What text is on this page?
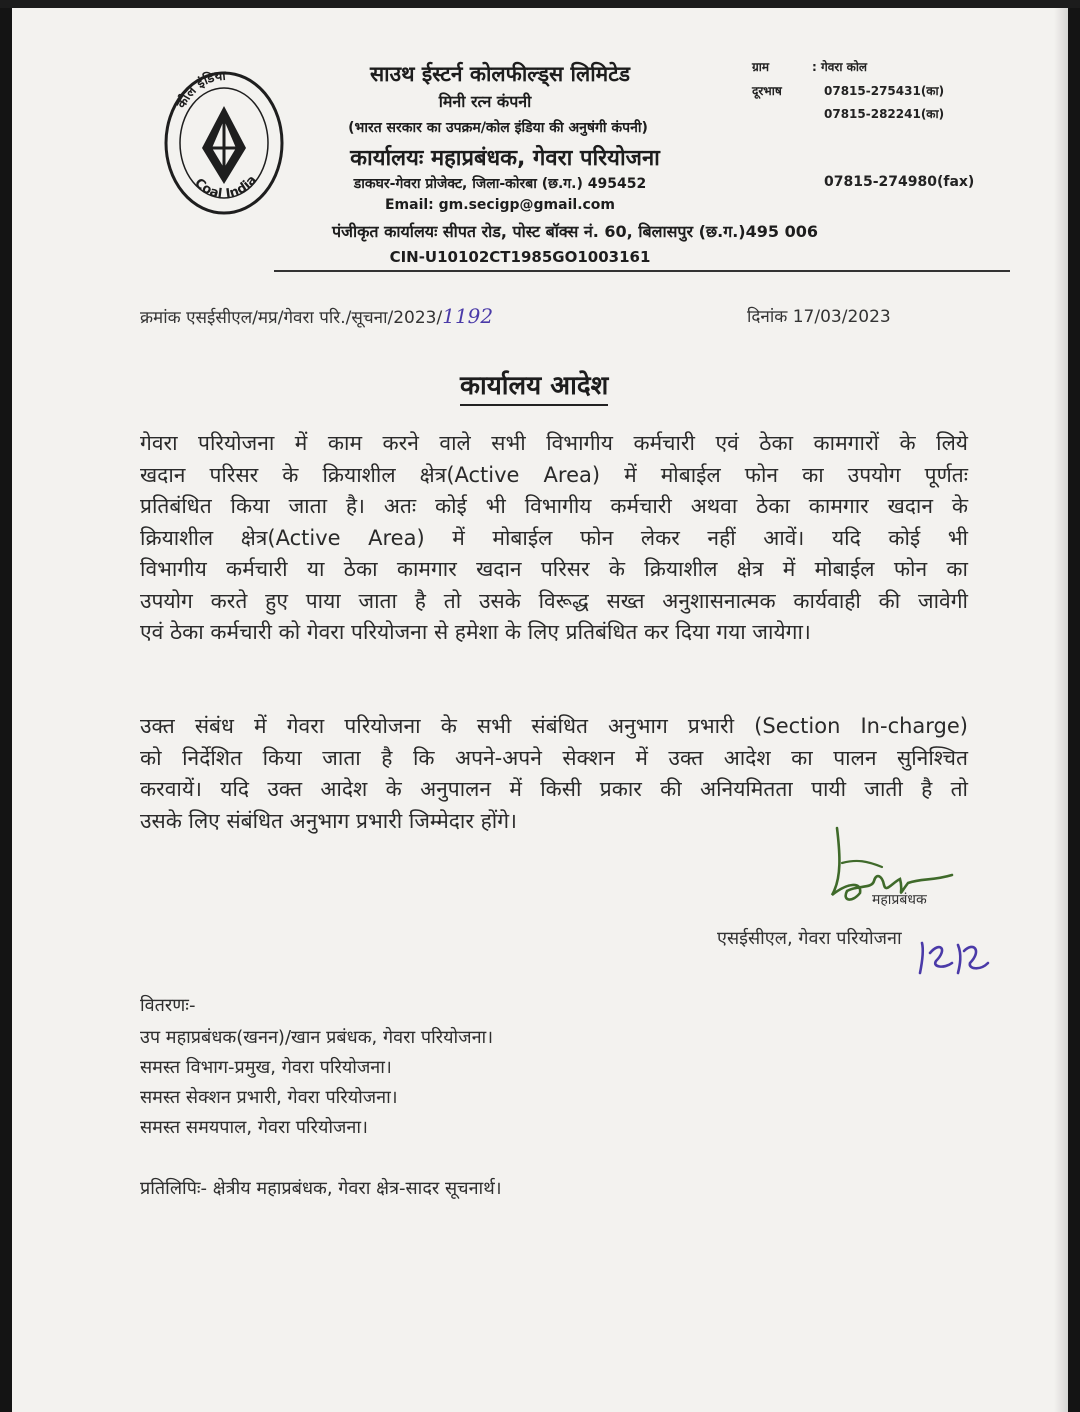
कोल इंडिया
Coal India
साउथ ईस्टर्न कोलफील्ड्स लिमिटेड
मिनी रत्न कंपनी
(भारत सरकार का उपक्रम/कोल इंडिया की अनुषंगी कंपनी)
कार्यालयः महाप्रबंधक, गेवरा परियोजना
डाकघर-गेवरा प्रोजेक्ट, जिला-कोरबा (छ.ग.) 495452
Email: gm.secigp@gmail.com
पंजीकृत कार्यालयः सीपत रोड, पोस्ट बॉक्स नं. 60, बिलासपुर (छ.ग.)495 006
CIN-U10102CT1985GO1003161
ग्राम	: गेवरा कोल
दूरभाष	07815-275431(का)
07815-282241(का)
07815-274980(fax)
क्रमांक एसईसीएल/मप्र/गेवरा परि./सूचना/2023/1192	दिनांक 17/03/2023
कार्यालय आदेश
गेवरा परियोजना में काम करने वाले सभी विभागीय कर्मचारी एवं ठेका कामगारों के लिये
खदान परिसर के क्रियाशील क्षेत्र(Active Area) में मोबाईल फोन का उपयोग पूर्णतः
प्रतिबंधित किया जाता है। अतः कोई भी विभागीय कर्मचारी अथवा ठेका कामगार खदान के
क्रियाशील क्षेत्र(Active Area) में मोबाईल फोन लेकर नहीं आवें। यदि कोई भी
विभागीय कर्मचारी या ठेका कामगार खदान परिसर के क्रियाशील क्षेत्र में मोबाईल फोन का
उपयोग करते हुए पाया जाता है तो उसके विरूद्ध सख्त अनुशासनात्मक कार्यवाही की जावेगी
एवं ठेका कर्मचारी को गेवरा परियोजना से हमेशा के लिए प्रतिबंधित कर दिया गया जायेगा।
उक्त संबंध में गेवरा परियोजना के सभी संबंधित अनुभाग प्रभारी (Section In-charge)
को निर्देशित किया जाता है कि अपने-अपने सेक्शन में उक्त आदेश का पालन सुनिश्चित
करवायें। यदि उक्त आदेश के अनुपालन में किसी प्रकार की अनियमितता पायी जाती है तो
उसके लिए संबंधित अनुभाग प्रभारी जिम्मेदार होंगे।
महाप्रबंधक
एसईसीएल, गेवरा परियोजना
वितरणः-
उप महाप्रबंधक(खनन)/खान प्रबंधक, गेवरा परियोजना।
समस्त विभाग-प्रमुख, गेवरा परियोजना।
समस्त सेक्शन प्रभारी, गेवरा परियोजना।
समस्त समयपाल, गेवरा परियोजना।
प्रतिलिपिः- क्षेत्रीय महाप्रबंधक, गेवरा क्षेत्र-सादर सूचनार्थ।
